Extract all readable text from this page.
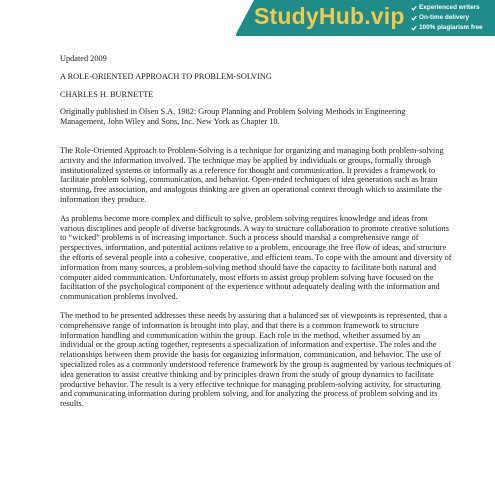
StudyHub.vip Experienced writers
On-time delivery
100% plagiarism free

Updated 2009

A ROLE-ORIENTED APPROACH TO PROBLEM-SOLVING

CHARLES H. BURNETTE

Originally published in Olsen S.A. 1982: Group Planning and Problem Solving Methods in Engineering Management, John Wiley and Sons, Inc. New York as Chapter 10.

The Role-Oriented Approach to Problem-Solving is a technique for organizing and managing both problem-solving activity and the information involved. The technique may be applied by individuals or groups, formally through institutionalized systems or informally as a reference for thought and communication. It provides a framework to facilitate problem solving, communication, and behavior. Open-ended techniques of idea generation such as brain storming, free association, and analogous thinking are given an operational context through which to assimilate the information they produce.

As problems become more complex and difficult to solve, problem solving requires knowledge and ideas from various disciplines and people of diverse backgrounds. A way to structure collaboration to promote creative solutions to “wicked” problems is of increasing importance. Such a process should marshal a comprehensive range of perspectives, information, and potential actions relative to a problem, encourage the free flow of ideas, and structure the efforts of several people into a cohesive, cooperative, and efficient team. To cope with the amount and diversity of information from many sources, a problem-solving method should have the capacity to facilitate both natural and computer aided communication. Unfortunately, most efforts to assist group problem solving have focused on the facilitation of the psychological component of the experience without adequately dealing with the information and communication problems involved.

The method to be presented addresses these needs by assuring that a balanced set of viewpoints is represented, that a comprehensive range of information is brought into play, and that there is a common framework to structure information handling and communication within the group. Each role in the method, whether assumed by an individual or the group acting together, represents a specialization of information and expertise. The roles and the relationships between them provide the basis for organizing information, communication, and behavior. The use of specialized roles as a commonly understood reference framework by the group is augmented by various techniques of idea generation to assist creative thinking and by principles drawn from the study of group dynamics to facilitate productive behavior. The result is a very effective technique for managing problem-solving activity, for structuring and communicating information during problem solving, and for analyzing the process of problem solving and its results.
